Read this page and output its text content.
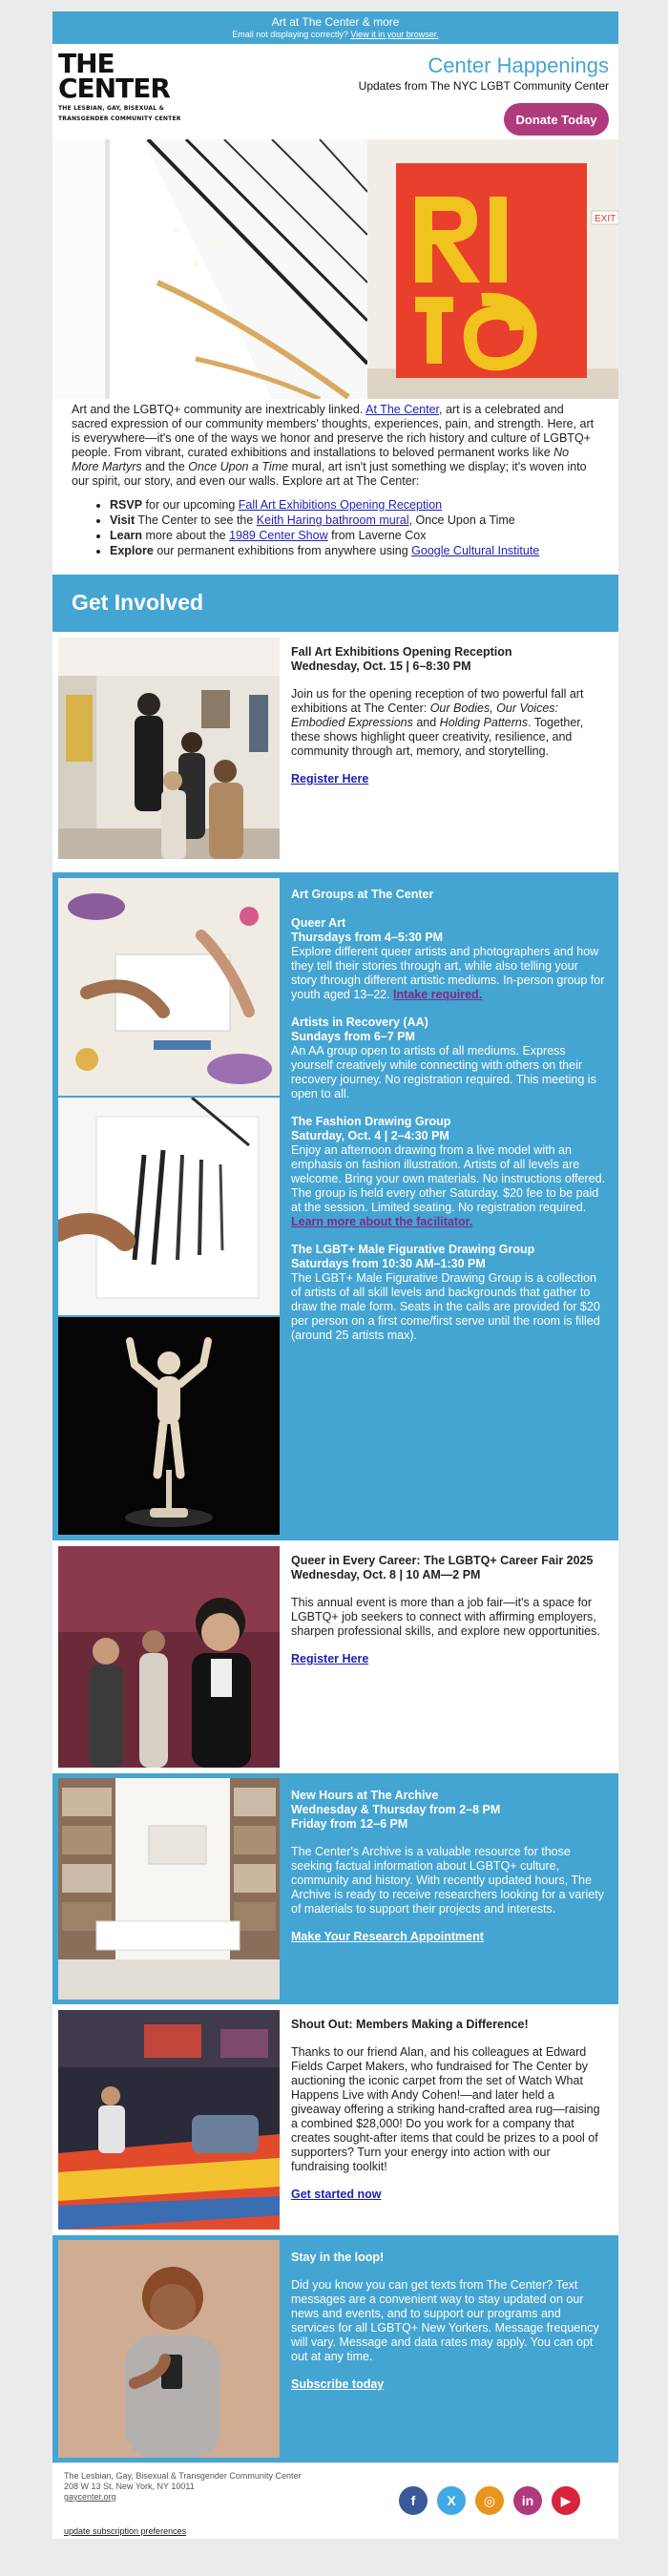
Art at The Center & more
Email not displaying correctly? View it in your browser.
THE
CENTER
THE LESBIAN, GAY, BISEXUAL &
TRANSGENDER COMMUNITY CENTER
Center Happenings
Updates from The NYC LGBT Community Center
Donate Today
EXIT
Art and the LGBTQ+ community are inextricably linked. At The Center, art is a celebrated and sacred expression of our community members' thoughts, experiences, pain, and strength. Here, art is everywhere—it's one of the ways we honor and preserve the rich history and culture of LGBTQ+ people. From vibrant, curated exhibitions and installations to beloved permanent works like No More Martyrs and the Once Upon a Time mural, art isn't just something we display; it's woven into our spirit, our story, and even our walls. Explore art at The Center:
• RSVP for our upcoming Fall Art Exhibitions Opening Reception
• Visit The Center to see the Keith Haring bathroom mural, Once Upon a Time
• Learn more about the 1989 Center Show from Laverne Cox
• Explore our permanent exhibitions from anywhere using Google Cultural Institute
Get Involved
Fall Art Exhibitions Opening Reception
Wednesday, Oct. 15 | 6–8:30 PM

Join us for the opening reception of two powerful fall art exhibitions at The Center: Our Bodies, Our Voices: Embodied Expressions and Holding Patterns. Together, these shows highlight queer creativity, resilience, and community through art, memory, and storytelling.

Register Here
Art Groups at The Center
Queer Art
Thursdays from 4–5:30 PM

Explore different queer artists and photographers and how they tell their stories through art, while also telling your story through different artistic mediums. In-person group for youth aged 13–22. Intake required.

Artists in Recovery (AA)
Sundays from 6–7 PM

An AA group open to artists of all mediums. Express yourself creatively while connecting with others on their recovery journey. No registration required. This meeting is open to all.

The Fashion Drawing Group
Saturday, Oct. 4 | 2–4:30 PM

Enjoy an afternoon drawing from a live model with an emphasis on fashion illustration. Artists of all levels are welcome. Bring your own materials. No instructions offered. The group is held every other Saturday. $20 fee to be paid at the session. Limited seating. No registration required. Learn more about the facilitator.

The LGBT+ Male Figurative Drawing Group
Saturdays from 10:30 AM–1:30 PM

The LGBT+ Male Figurative Drawing Group is a collection of artists of all skill levels and backgrounds that gather to draw the male form. Seats in the calls are provided for $20 per person on a first come/first serve until the room is filled (around 25 artists max).

Queer in Every Career: The LGBTQ+ Career Fair 2025
Wednesday, Oct. 8 | 10 AM—2 PM

This annual event is more than a job fair—it's a space for LGBTQ+ job seekers to connect with affirming employers, sharpen professional skills, and explore new opportunities.

Register Here
New Hours at The Archive
Wednesday & Thursday from 2–8 PM
Friday from 12–6 PM

The Center's Archive is a valuable resource for those seeking factual information about LGBTQ+ culture, community and history. With recently updated hours, The Archive is ready to receive researchers looking for a variety of materials to support their projects and interests.

Make Your Research Appointment
Shout Out: Members Making a Difference!

Thanks to our friend Alan, and his colleagues at Edward Fields Carpet Makers, who fundraised for The Center by auctioning the iconic carpet from the set of Watch What Happens Live with Andy Cohen!—and later held a giveaway offering a striking hand-crafted area rug—raising a combined $28,000! Do you work for a company that creates sought-after items that could be prizes to a pool of supporters? Turn your energy into action with our fundraising toolkit!

Get started now
Stay in the loop!

Did you know you can get texts from The Center? Text messages are a convenient way to stay updated on our news and events, and to support our programs and services for all LGBTQ+ New Yorkers. Message frequency will vary. Message and data rates may apply. You can opt out at any time.

Subscribe today
The Lesbian, Gay, Bisexual & Transgender Community Center
208 W 13 St, New York, NY 10011
gaycenter.org	f	X	◎	in	▶
update subscription preferences
